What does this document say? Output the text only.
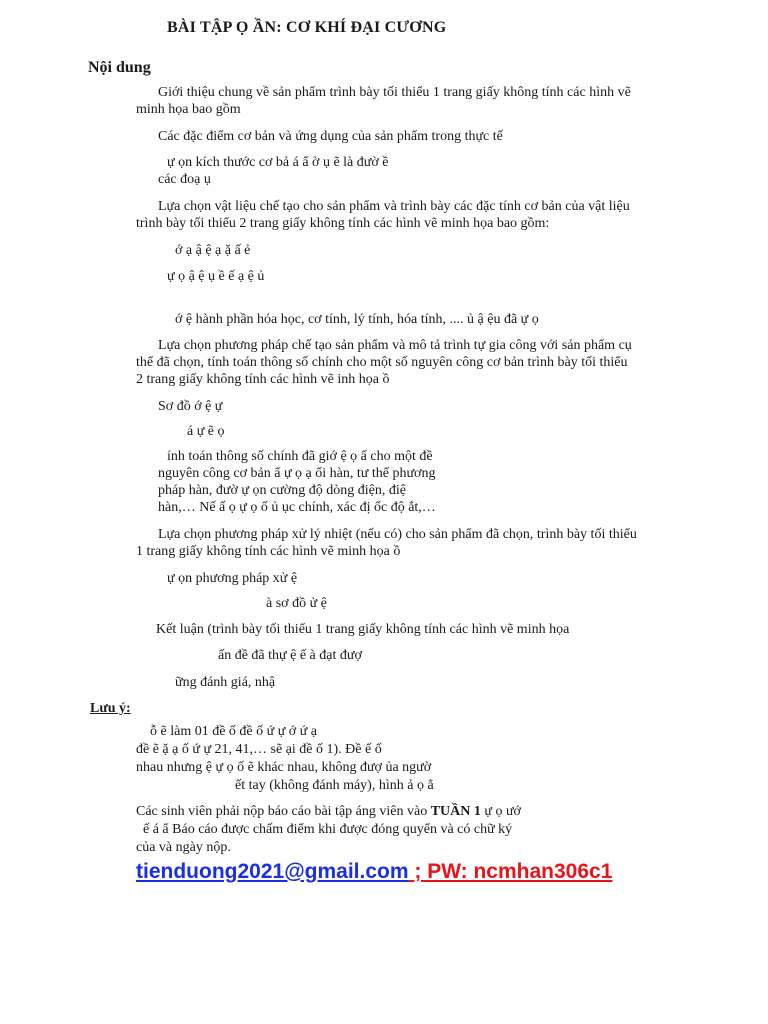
BÀI TẬP Ọ ẦN: CƠ KHÍ ĐẠI CƯƠNG
Nội dung
Giới thiệu chung về sản phẩm trình bày tối thiểu 1 trang giấy không tính các hình vẽ
minh họa bao gồm
Các đặc điểm cơ bản và ứng dụng của sản phẩm trong thực tế
ự ọn kích thước cơ bả á ẩ ờ ụ ẽ là đườ ề
các đoạ ụ
Lựa chọn vật liệu chế tạo cho sản phẩm và trình bày các đặc tính cơ bản của vật liệu
trình bày tối thiểu 2 trang giấy không tính các hình vẽ minh họa bao gồm:
ớ ạ ậ ệ ạ ặ ấ ẻ
ự ọ ậ ệ ụ ề ế ạ ệ ủ
ớ ệ hành phần hóa học, cơ tính, lý tính, hóa tính, .... ủ ậ ệu đã ự ọ
Lựa chọn phương pháp chế tạo sản phẩm và mô tả trình tự gia công với sản phẩm cụ
thể đã chọn, tính toán thông số chính cho một số nguyên công cơ bản trình bày tối thiểu
2 trang giấy không tính các hình vẽ inh họa ồ
Sơ đồ ớ ệ ự
á ự ẽ ọ
ính toán thông số chính đã giớ ệ ọ ẩ cho một đề
nguyên công cơ bản ẩ ự ọ ạ ối hàn, tư thế phương
pháp hàn, đườ ự ọn cường độ dòng điện, điệ
hàn,… Nế ấ ọ ự ọ ố ủ ục chính, xác đị ốc độ ắt,…
Lựa chọn phương pháp xử lý nhiệt (nếu có) cho sản phẩm đã chọn, trình bày tối thiểu
1 trang giấy không tính các hình vẽ minh họa ồ
ự ọn phương pháp xử ệ
à sơ đồ ử ệ
Kết luận (trình bày tối thiểu 1 trang giấy không tính các hình vẽ minh họa
ấn đề đã thự ệ ế à đạt đượ
ững đánh giá, nhậ
Lưu ý:
ỗ ẽ làm 01 đề ố đề ố ứ ự ớ ứ ạ
đề ẽ ặ ạ ố ứ ự 21, 41,… sẽ ại đề ố 1). Đề ế ố
nhau nhưng ệ ự ọ ố ẽ khác nhau, không đượ ủa ngườ
ết tay (không đánh máy), hình ả ọ ẳ
Các sinh viên phải nộp báo cáo bài tập áng viên vào TUẦN 1 ự ọ ướ
ế á ẩ Báo cáo được chấm điểm khi được đóng quyển và có chữ ký
của và ngày nộp.
tienduong2021@gmail.com ; PW: ncmhan306c1
